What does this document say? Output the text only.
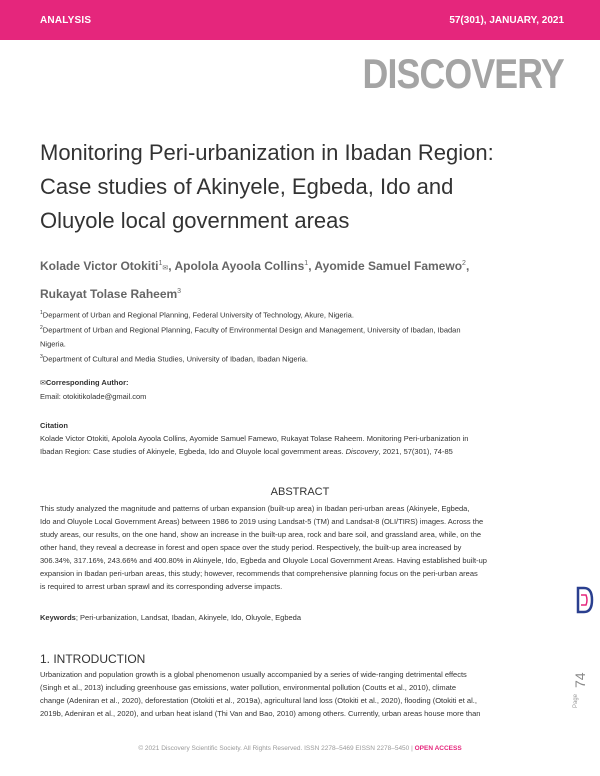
ANALYSIS	57(301), JANUARY, 2021
DISCOVERY
Monitoring Peri-urbanization in Ibadan Region:
Case studies of Akinyele, Egbeda, Ido and
Oluyole local government areas
Kolade Victor Otokiti$^1$✉, Apolola Ayoola Collins$^1$, Ayomide Samuel Famewo$^2$,
Rukayat Tolase Raheem$^3$
$^1$Deparment of Urban and Regional Planning, Federal University of Technology, Akure, Nigeria.
$^2$Department of Urban and Regional Planning, Faculty of Environmental Design and Management, University of Ibadan, Ibadan
Nigeria.
$^3$Department of Cultural and Media Studies, University of Ibadan, Ibadan Nigeria.
✉Corresponding Author:
Email: otokitikolade@gmail.com
Citation
Kolade Victor Otokiti, Apolola Ayoola Collins, Ayomide Samuel Famewo, Rukayat Tolase Raheem. Monitoring Peri-urbanization in
Ibadan Region: Case studies of Akinyele, Egbeda, Ido and Oluyole local government areas. Discovery, 2021, 57(301), 74-85
ABSTRACT
This study analyzed the magnitude and patterns of urban expansion (built-up area) in Ibadan peri-urban areas (Akinyele, Egbeda,
Ido and Oluyole Local Government Areas) between 1986 to 2019 using Landsat-5 (TM) and Landsat-8 (OLI/TIRS) images. Across the
study areas, our results, on the one hand, show an increase in the built-up area, rock and bare soil, and grassland area, while, on the
other hand, they reveal a decrease in forest and open space over the study period. Respectively, the built-up area increased by
306.34%, 317.16%, 243.66% and 400.80% in Akinyele, Ido, Egbeda and Oluyole Local Government Areas. Having established built-up
expansion in Ibadan peri-urban areas, this study; however, recommends that comprehensive planning focus on the peri-urban areas
is required to arrest urban sprawl and its corresponding adverse impacts.
Keywords; Peri-urbanization, Landsat, Ibadan, Akinyele, Ido, Oluyole, Egbeda
1. INTRODUCTION
Urbanization and population growth is a global phenomenon usually accompanied by a series of wide-ranging detrimental effects
(Singh et al., 2013) including greenhouse gas emissions, water pollution, environmental pollution (Coutts et al., 2010), climate
change (Adeniran et al., 2020), deforestation (Otokiti et al., 2019a), agricultural land loss (Otokiti et al., 2020), flooding (Otokiti et al.,
2019b, Adeniran et al., 2020), and urban heat island (Thi Van and Bao, 2010) among others. Currently, urban areas house more than
Page
74
© 2021 Discovery Scientific Society. All Rights Reserved. ISSN 2278–5469 EISSN 2278–5450 | OPEN ACCESS
